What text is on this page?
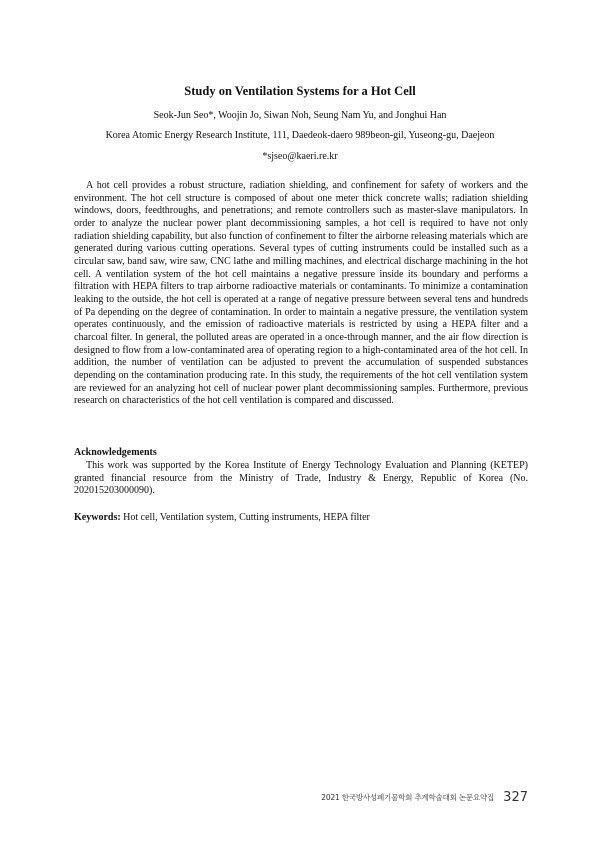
Study on Ventilation Systems for a Hot Cell
Seok-Jun Seo*, Woojin Jo, Siwan Noh, Seung Nam Yu, and Jonghui Han
Korea Atomic Energy Research Institute, 111, Daedeok-daero 989beon-gil, Yuseong-gu, Daejeon
*sjseo@kaeri.re.kr

A hot cell provides a robust structure, radiation shielding, and confinement for safety of workers and the environment. The hot cell structure is composed of about one meter thick concrete walls; radiation shielding windows, doors, feedthroughs, and penetrations; and remote controllers such as master-slave manipulators. In order to analyze the nuclear power plant decommissioning samples, a hot cell is required to have not only radiation shielding capability, but also function of confinement to filter the airborne releasing materials which are generated during various cutting operations. Several types of cutting instruments could be installed such as a circular saw, band saw, wire saw, CNC lathe and milling machines, and electrical discharge machining in the hot cell. A ventilation system of the hot cell maintains a negative pressure inside its boundary and performs a filtration with HEPA filters to trap airborne radioactive materials or contaminants. To minimize a contamination leaking to the outside, the hot cell is operated at a range of negative pressure between several tens and hundreds of Pa depending on the degree of contamination. In order to maintain a negative pressure, the ventilation system operates continuously, and the emission of radioactive materials is restricted by using a HEPA filter and a charcoal filter. In general, the polluted areas are operated in a once-through manner, and the air flow direction is designed to flow from a low-contaminated area of operating region to a high-contaminated area of the hot cell. In addition, the number of ventilation can be adjusted to prevent the accumulation of suspended substances depending on the contamination producing rate. In this study, the requirements of the hot cell ventilation system are reviewed for an analyzing hot cell of nuclear power plant decommissioning samples. Furthermore, previous research on characteristics of the hot cell ventilation is compared and discussed.

Acknowledgements

This work was supported by the Korea Institute of Energy Technology Evaluation and Planning (KETEP) granted financial resource from the Ministry of Trade, Industry & Energy, Republic of Korea (No. 202015203000090).

Keywords: Hot cell, Ventilation system, Cutting instruments, HEPA filter
2021 한국방사성폐기물학회 추계학술대회 논문요약집 327
